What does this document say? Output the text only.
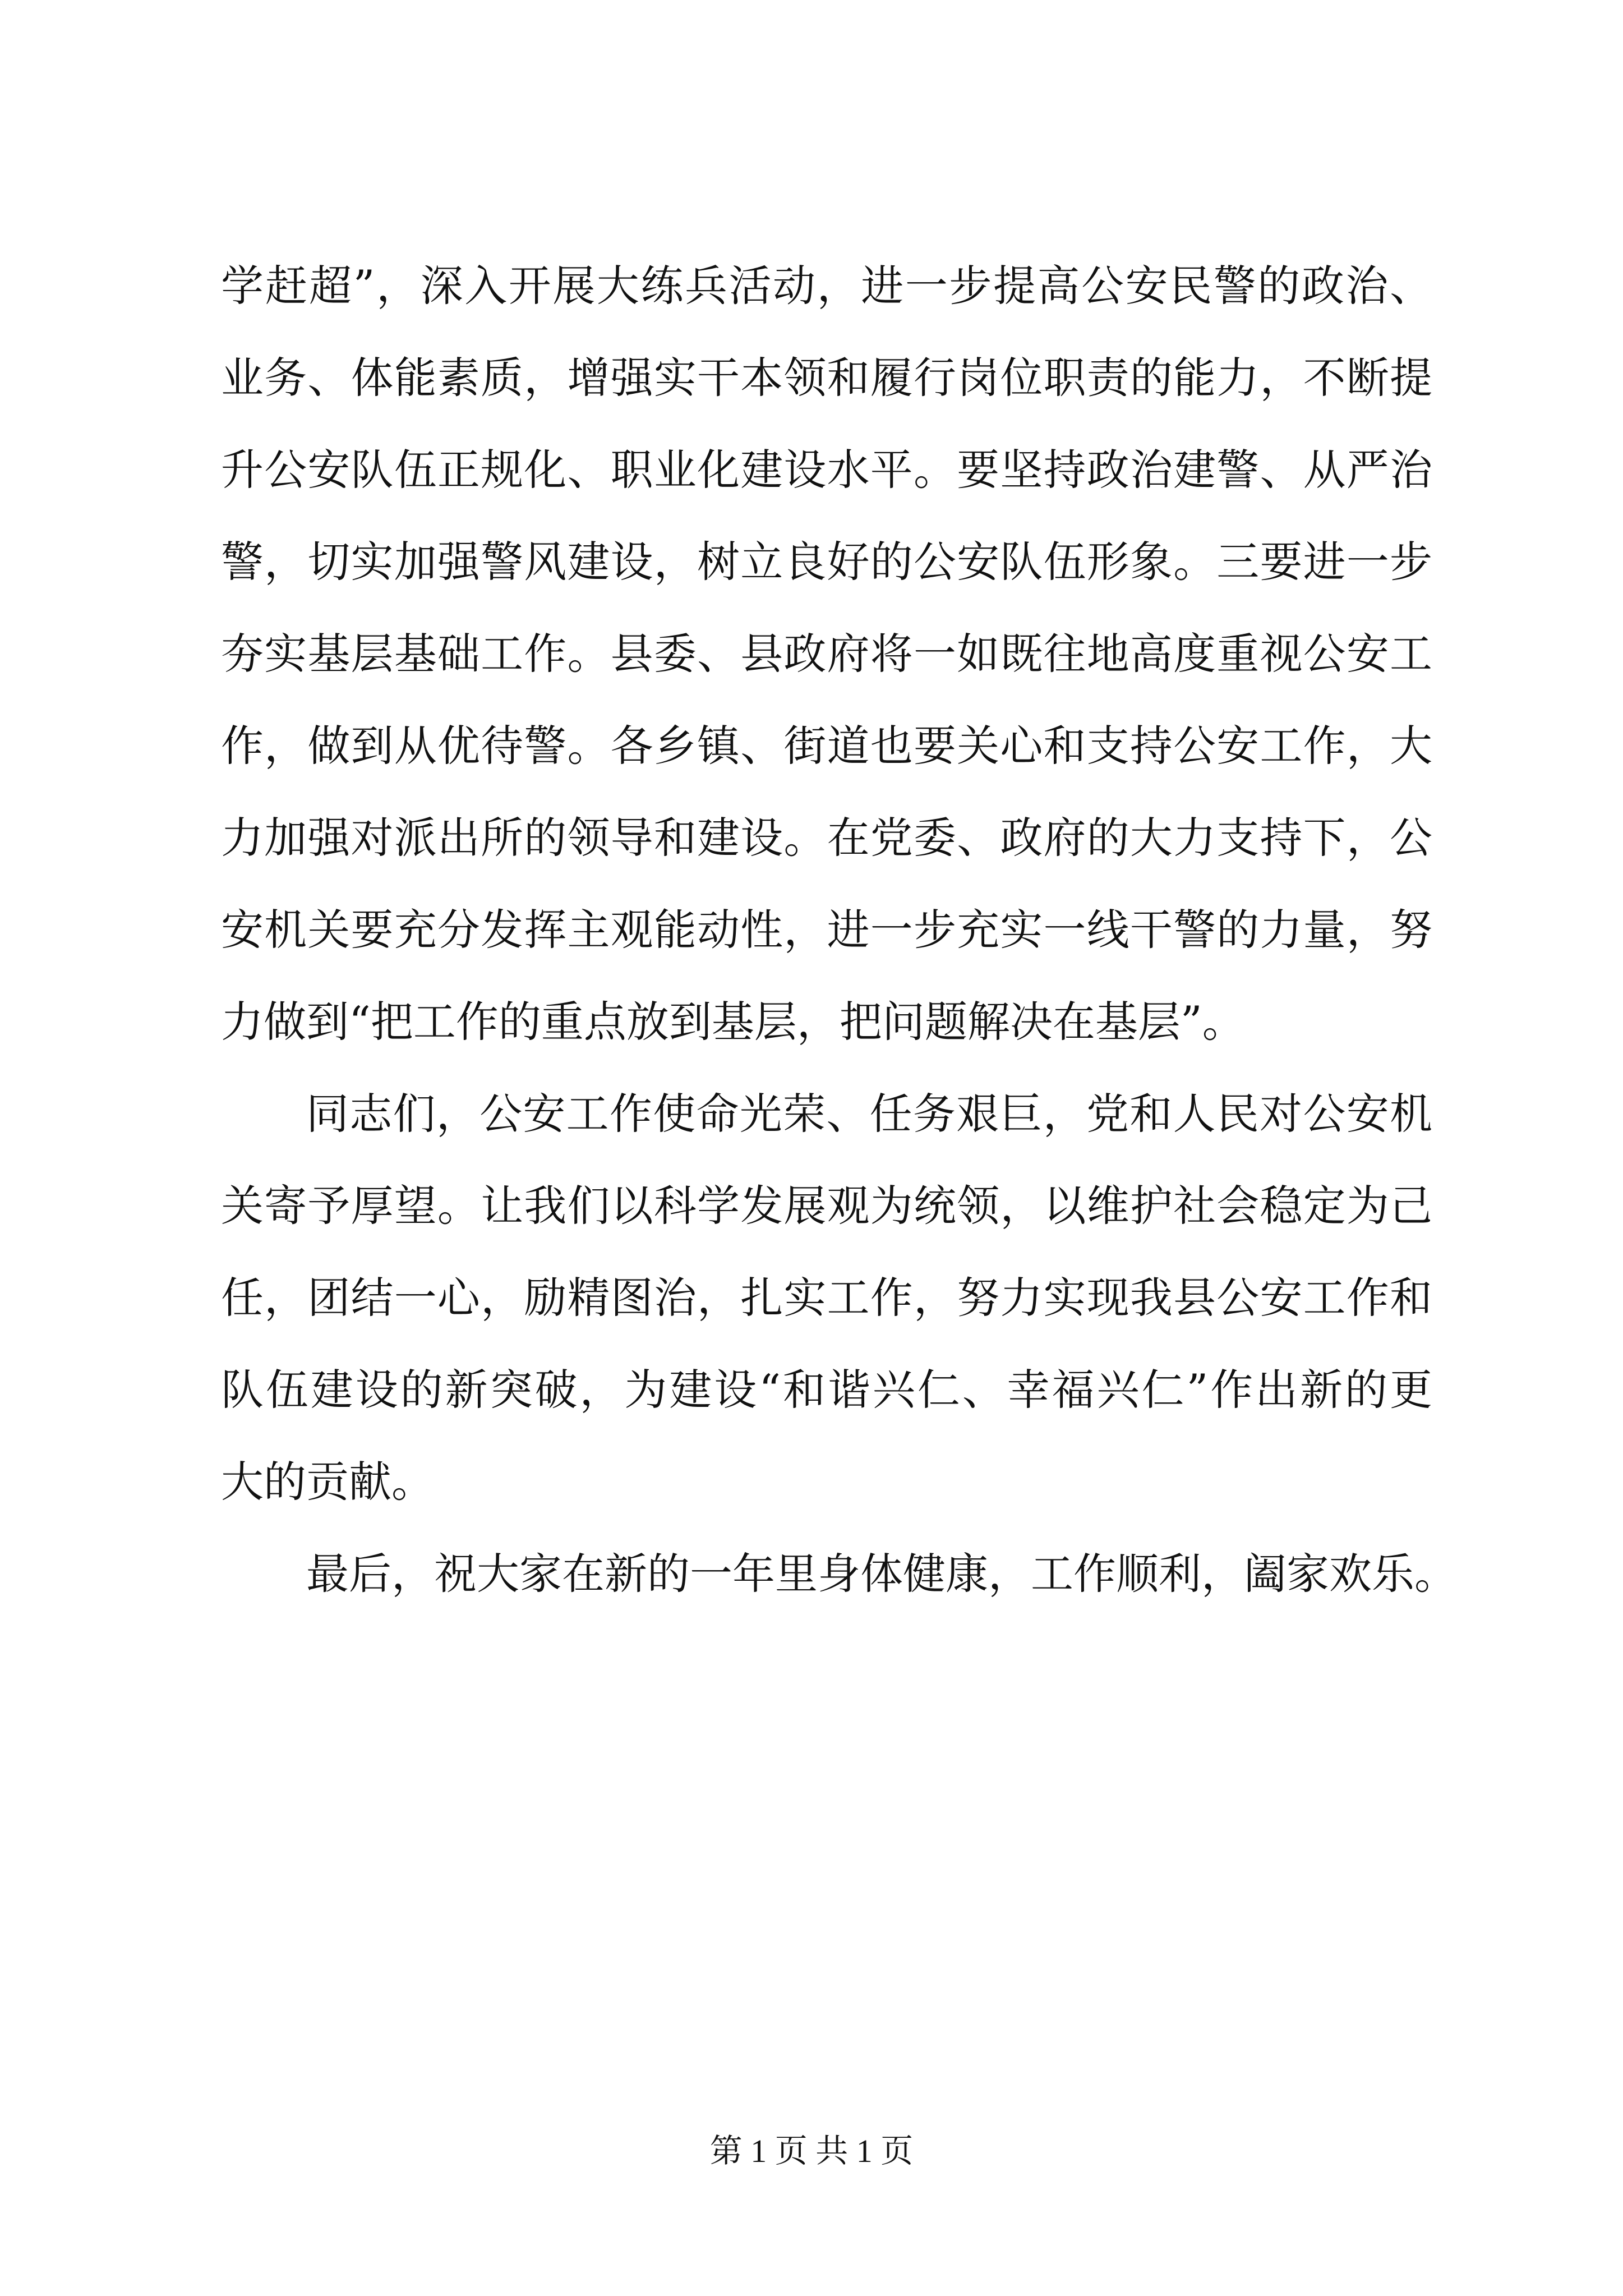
学赶超”，深入开展大练兵活动，进一步提高公安民警的政治、
业务、体能素质，增强实干本领和履行岗位职责的能力，不断提
升公安队伍正规化、职业化建设水平。要坚持政治建警、从严治
警，切实加强警风建设，树立良好的公安队伍形象。三要进一步
夯实基层基础工作。县委、县政府将一如既往地高度重视公安工
作，做到从优待警。各乡镇、街道也要关心和支持公安工作，大
力加强对派出所的领导和建设。在党委、政府的大力支持下，公
安机关要充分发挥主观能动性，进一步充实一线干警的力量，努
力做到“把工作的重点放到基层，把问题解决在基层”。
同志们，公安工作使命光荣、任务艰巨，党和人民对公安机
关寄予厚望。让我们以科学发展观为统领，以维护社会稳定为己
任，团结一心，励精图治，扎实工作，努力实现我县公安工作和
队伍建设的新突破，为建设“和谐兴仁、幸福兴仁”作出新的更
大的贡献。
最后，祝大家在新的一年里身体健康，工作顺利，阖家欢乐。
第 1 页 共 1 页
